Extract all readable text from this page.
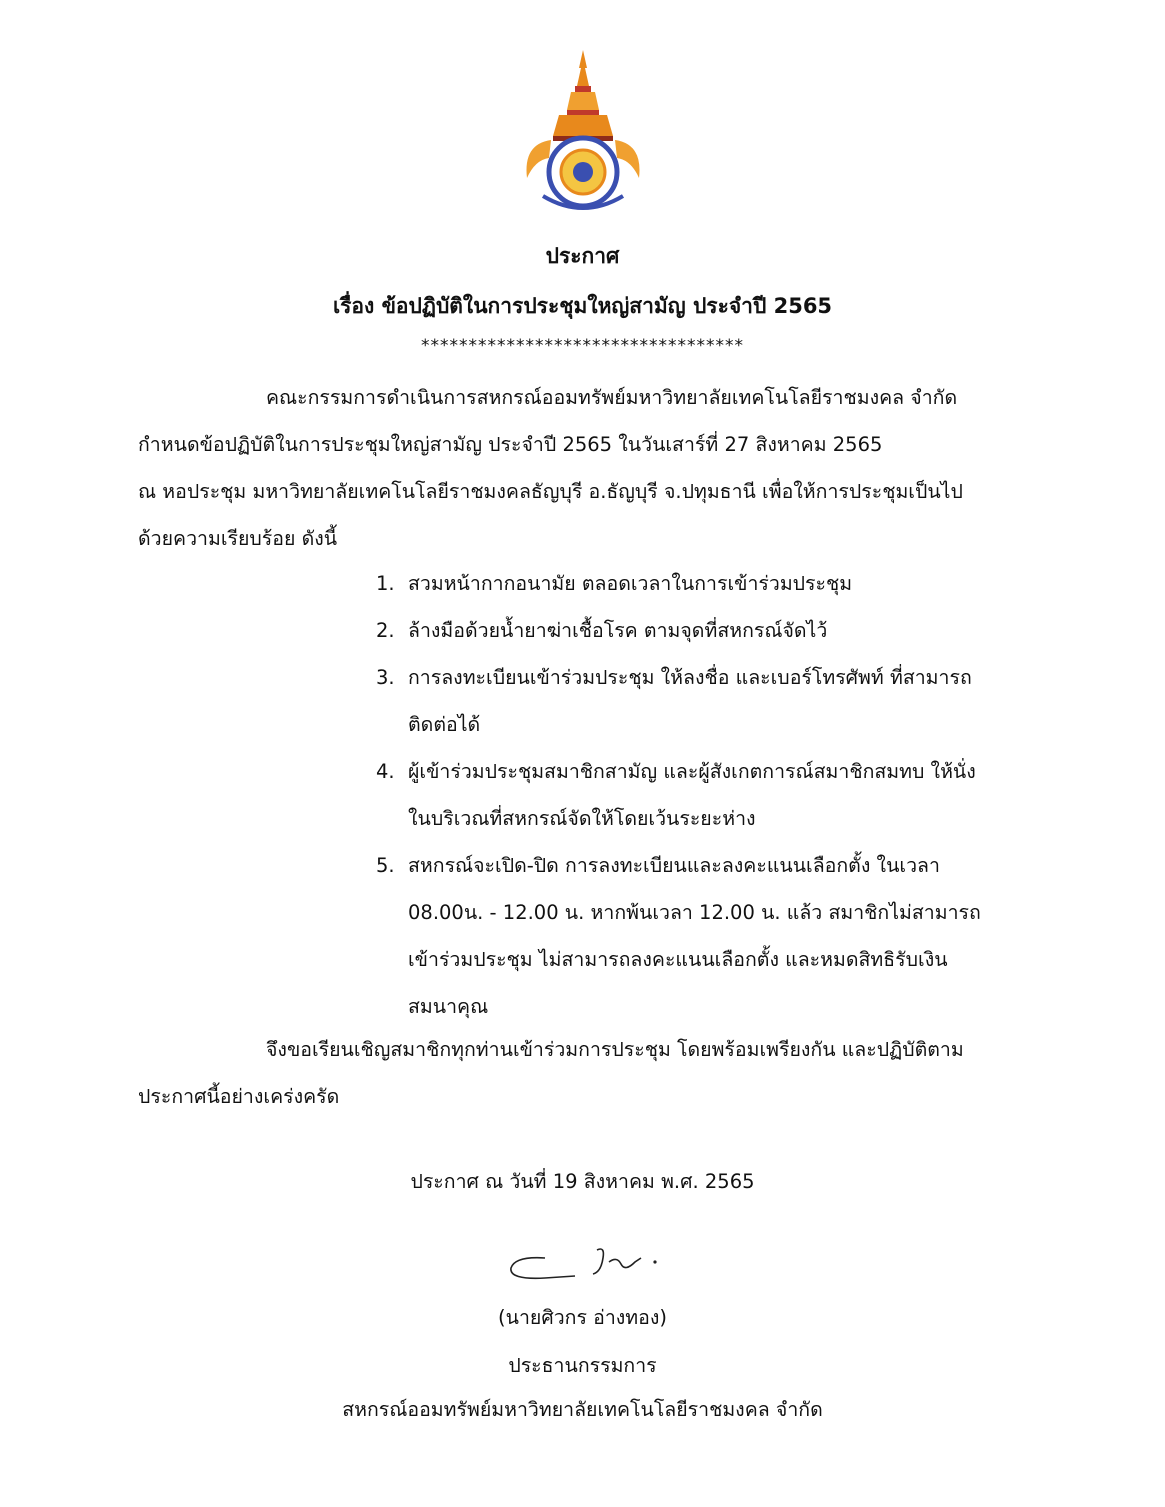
ประกาศ
เรื่อง ข้อปฏิบัติในการประชุมใหญ่สามัญ ประจำปี 2565
**********************************

คณะกรรมการดำเนินการสหกรณ์ออมทรัพย์มหาวิทยาลัยเทคโนโลยีราชมงคล จำกัด
กำหนดข้อปฏิบัติในการประชุมใหญ่สามัญ ประจำปี 2565 ในวันเสาร์ที่ 27 สิงหาคม 2565
ณ หอประชุม มหาวิทยาลัยเทคโนโลยีราชมงคลธัญบุรี อ.ธัญบุรี จ.ปทุมธานี เพื่อให้การประชุมเป็นไป
ด้วยความเรียบร้อย ดังนี้

1. สวมหน้ากากอนามัย ตลอดเวลาในการเข้าร่วมประชุม
2. ล้างมือด้วยน้ำยาฆ่าเชื้อโรค ตามจุดที่สหกรณ์จัดไว้
3. การลงทะเบียนเข้าร่วมประชุม ให้ลงชื่อ และเบอร์โทรศัพท์ ที่สามารถ
ติดต่อได้
4. ผู้เข้าร่วมประชุมสมาชิกสามัญ และผู้สังเกตการณ์สมาชิกสมทบ ให้นั่ง
ในบริเวณที่สหกรณ์จัดให้โดยเว้นระยะห่าง
5. สหกรณ์จะเปิด-ปิด การลงทะเบียนและลงคะแนนเลือกตั้ง ในเวลา
08.00น. - 12.00 น. หากพ้นเวลา 12.00 น. แล้ว สมาชิกไม่สามารถ
เข้าร่วมประชุม ไม่สามารถลงคะแนนเลือกตั้ง และหมดสิทธิรับเงิน
สมนาคุณ

จึงขอเรียนเชิญสมาชิกทุกท่านเข้าร่วมการประชุม โดยพร้อมเพรียงกัน และปฏิบัติตาม
ประกาศนี้อย่างเคร่งครัด

ประกาศ ณ วันที่ 19 สิงหาคม พ.ศ. 2565
(นายศิวกร อ่างทอง)
ประธานกรรมการ
สหกรณ์ออมทรัพย์มหาวิทยาลัยเทคโนโลยีราชมงคล จำกัด
